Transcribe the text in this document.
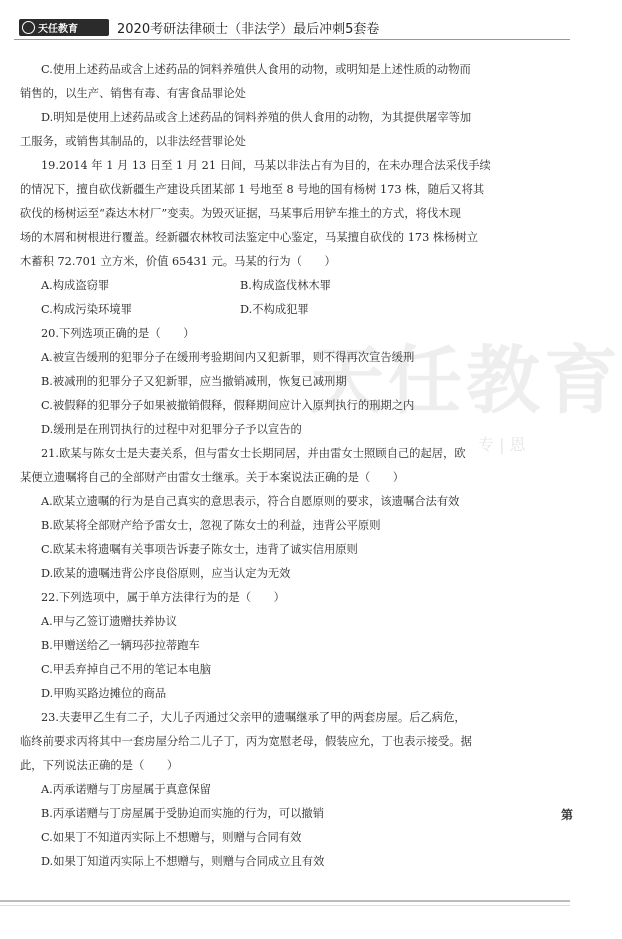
天任教育	2020考研法律硕士（非法学）最后冲刺5套卷
天任教育
专 | 恩
C.使用上述药品或含上述药品的饲料养殖供人食用的动物，或明知是上述性质的动物而
销售的，以生产、销售有毒、有害食品罪论处
D.明知是使用上述药品或含上述药品的饲料养殖的供人食用的动物，为其提供屠宰等加
工服务，或销售其制品的，以非法经营罪论处
19.2014 年 1 月 13 日至 1 月 21 日间，马某以非法占有为目的，在未办理合法采伐手续
的情况下，擅自砍伐新疆生产建设兵团某部 1 号地至 8 号地的国有杨树 173 株，随后又将其
砍伐的杨树运至“森达木材厂”变卖。为毁灭证据，马某事后用铲车推土的方式，将伐木现
场的木屑和树根进行覆盖。经新疆农林牧司法鉴定中心鉴定，马某擅自砍伐的 173 株杨树立
木蓄积 72.701 立方米，价值 65431 元。马某的行为（　　）
A.构成盗窃罪	B.构成盗伐林木罪
C.构成污染环境罪	D.不构成犯罪
20.下列选项正确的是（　　）
A.被宣告缓刑的犯罪分子在缓刑考验期间内又犯新罪，则不得再次宣告缓刑
B.被减刑的犯罪分子又犯新罪，应当撤销减刑，恢复已减刑期
C.被假释的犯罪分子如果被撤销假释，假释期间应计入原判执行的刑期之内
D.缓刑是在刑罚执行的过程中对犯罪分子予以宣告的
21.欧某与陈女士是夫妻关系，但与雷女士长期同居，并由雷女士照顾自己的起居，欧
某便立遗嘱将自己的全部财产由雷女士继承。关于本案说法正确的是（　　）
A.欧某立遗嘱的行为是自己真实的意思表示，符合自愿原则的要求，该遗嘱合法有效
B.欧某将全部财产给予雷女士，忽视了陈女士的利益，违背公平原则
C.欧某未将遗嘱有关事项告诉妻子陈女士，违背了诚实信用原则
D.欧某的遗嘱违背公序良俗原则，应当认定为无效
22.下列选项中，属于单方法律行为的是（　　）
A.甲与乙签订遗赠扶养协议
B.甲赠送给乙一辆玛莎拉蒂跑车
C.甲丢弃掉自己不用的笔记本电脑
D.甲购买路边摊位的商品
23.夫妻甲乙生有二子，大儿子丙通过父亲甲的遗嘱继承了甲的两套房屋。后乙病危，
临终前要求丙将其中一套房屋分给二儿子丁，丙为宽慰老母，假装应允，丁也表示接受。据
此，下列说法正确的是（　　）
A.丙承诺赠与丁房屋属于真意保留
B.丙承诺赠与丁房屋属于受胁迫而实施的行为，可以撤销
C.如果丁不知道丙实际上不想赠与，则赠与合同有效
D.如果丁知道丙实际上不想赠与，则赠与合同成立且有效
第
